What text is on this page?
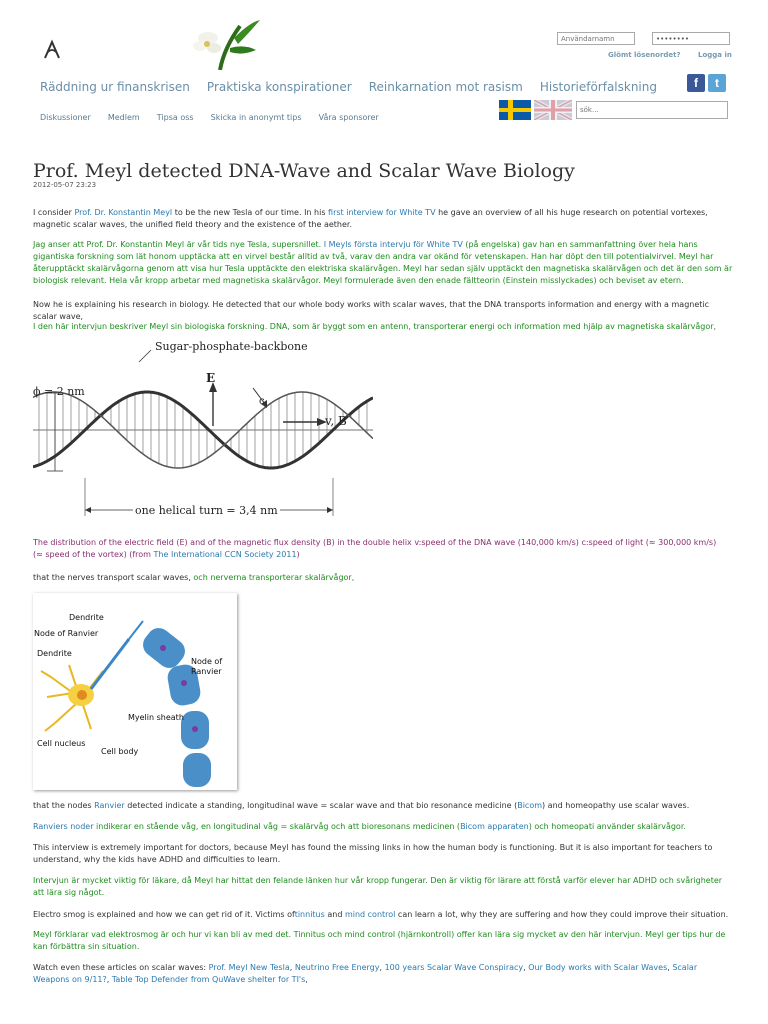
Användarnamn
••••••••
Glömt lösenordet? Logga in
Räddning ur finanskrisen Praktiska konspirationer Reinkarnation mot rasism Historieförfalskning	f	t
Diskussioner Medlem Tipsa oss Skicka in anonymt tips Våra sponsorer
sök...
Prof. Meyl detected DNA-Wave and Scalar Wave Biology
2012-05-07 23:23
I consider Prof. Dr. Konstantin Meyl to be the new Tesla of our time. In his first interview for White TV he gave an overview of all his huge research on potential vortexes, magnetic scalar waves, the unified field theory and the existence of the aether.
Jag anser att Prof. Dr. Konstantin Meyl är vår tids nye Tesla, supersnillet. I Meyls första intervju för White TV (på engelska) gav han en sammanfattning över hela hans gigantiska forskning som lät honom upptäcka att en virvel består alltid av två, varav den andra var okänd för vetenskapen. Han har döpt den till potentialvirvel. Meyl har återupptäckt skalärvågorna genom att visa hur Tesla upptäckte den elektriska skalärvågen. Meyl har sedan själv upptäckt den magnetiska skalärvågen och det är den som är biologisk relevant. Hela vår kropp arbetar med magnetiska skalärvågor. Meyl formulerade även den enade fältteorin (Einstein misslyckades) och beviset av etern.
Now he is explaining his research in biology. He detected that our whole body works with scalar waves, that the DNA transports information and energy with a magnetic scalar wave,
I den här intervjun beskriver Meyl sin biologiska forskning. DNA, som är byggt som en antenn, transporterar energi och information med hjälp av magnetiska skalärvågor,
Sugar-phosphate-backbone
ϕ = 2 nm
E
c
v, B
one helical turn = 3,4 nm
The distribution of the electric field (E) and of the magnetic flux density (B) in the double helix v:speed of the DNA wave (140,000 km/s) c:speed of light (≈ 300,000 km/s) (≈ speed of the vortex) (from The International CCN Society 2011)
that the nerves transport scalar waves, och nerverna transporterar skalärvågor,
Dendrite
Node of Ranvier
Dendrite
Node of
Ranvier
Myelin sheath
Cell nucleus
Cell body
that the nodes Ranvier detected indicate a standing, longitudinal wave = scalar wave and that bio resonance medicine (Bicom) and homeopathy use scalar waves.
Ranviers noder indikerar en stående våg, en longitudinal våg = skalärvåg och att bioresonans medicinen (Bicom apparaten) och homeopati använder skalärvågor.
This interview is extremely important for doctors, because Meyl has found the missing links in how the human body is functioning. But it is also important for teachers to understand, why the kids have ADHD and difficulties to learn.
Intervjun är mycket viktig för läkare, då Meyl har hittat den felande länken hur vår kropp fungerar. Den är viktig för lärare att förstå varför elever har ADHD och svårigheter att lära sig något.
Electro smog is explained and how we can get rid of it. Victims oftinnitus and mind control can learn a lot, why they are suffering and how they could improve their situation.
Meyl förklarar vad elektrosmog är och hur vi kan bli av med det. Tinnitus och mind control (hjärnkontroll) offer kan lära sig mycket av den här intervjun. Meyl ger tips hur de kan förbättra sin situation.
Watch even these articles on scalar waves: Prof. Meyl New Tesla, Neutrino Free Energy, 100 years Scalar Wave Conspiracy, Our Body works with Scalar Waves, Scalar Weapons on 9/11?, Table Top Defender from QuWave shelter for TI's,
